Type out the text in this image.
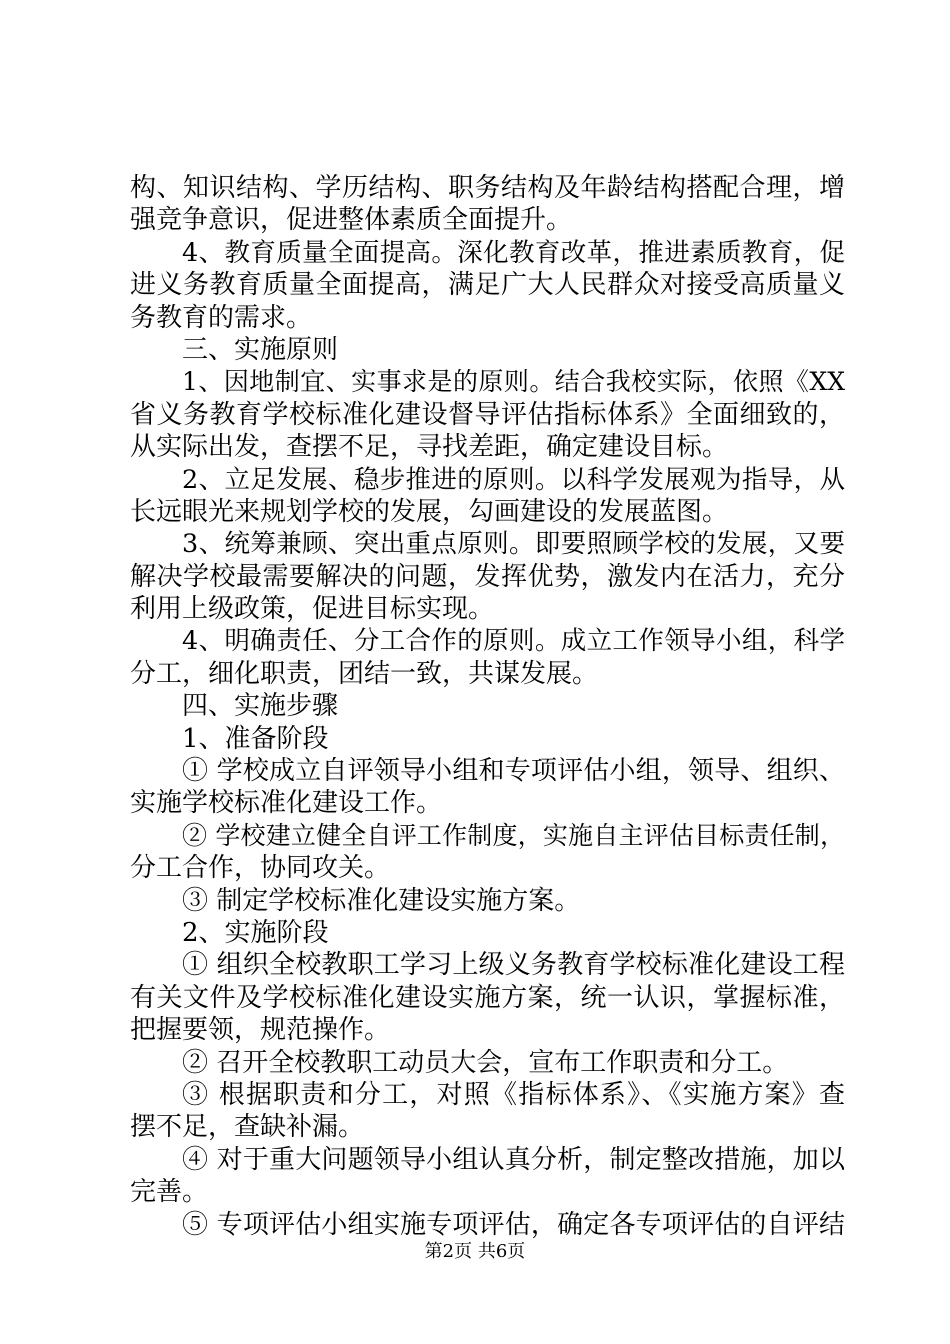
构、知识结构、学历结构、职务结构及年龄结构搭配合理，增
强竞争意识，促进整体素质全面提升。
4、教育质量全面提高。深化教育改革，推进素质教育，促
进义务教育质量全面提高，满足广大人民群众对接受高质量义
务教育的需求。
三、实施原则
1、因地制宜、实事求是的原则。结合我校实际，依照《XX
省义务教育学校标准化建设督导评估指标体系》全面细致的，
从实际出发，查摆不足，寻找差距，确定建设目标。
2、立足发展、稳步推进的原则。以科学发展观为指导，从
长远眼光来规划学校的发展，勾画建设的发展蓝图。
3、统筹兼顾、突出重点原则。即要照顾学校的发展，又要
解决学校最需要解决的问题，发挥优势，激发内在活力，充分
利用上级政策，促进目标实现。
4、明确责任、分工合作的原则。成立工作领导小组，科学
分工，细化职责，团结一致，共谋发展。
四、实施步骤
1、准备阶段
① 学校成立自评领导小组和专项评估小组，领导、组织、
实施学校标准化建设工作。
② 学校建立健全自评工作制度，实施自主评估目标责任制，
分工合作，协同攻关。
③ 制定学校标准化建设实施方案。
2、实施阶段
① 组织全校教职工学习上级义务教育学校标准化建设工程
有关文件及学校标准化建设实施方案，统一认识，掌握标准，
把握要领，规范操作。
② 召开全校教职工动员大会，宣布工作职责和分工。
③ 根据职责和分工，对照《指标体系》、《实施方案》查
摆不足，查缺补漏。
④ 对于重大问题领导小组认真分析，制定整改措施，加以
完善。
⑤ 专项评估小组实施专项评估，确定各专项评估的自评结
第2页 共6页
